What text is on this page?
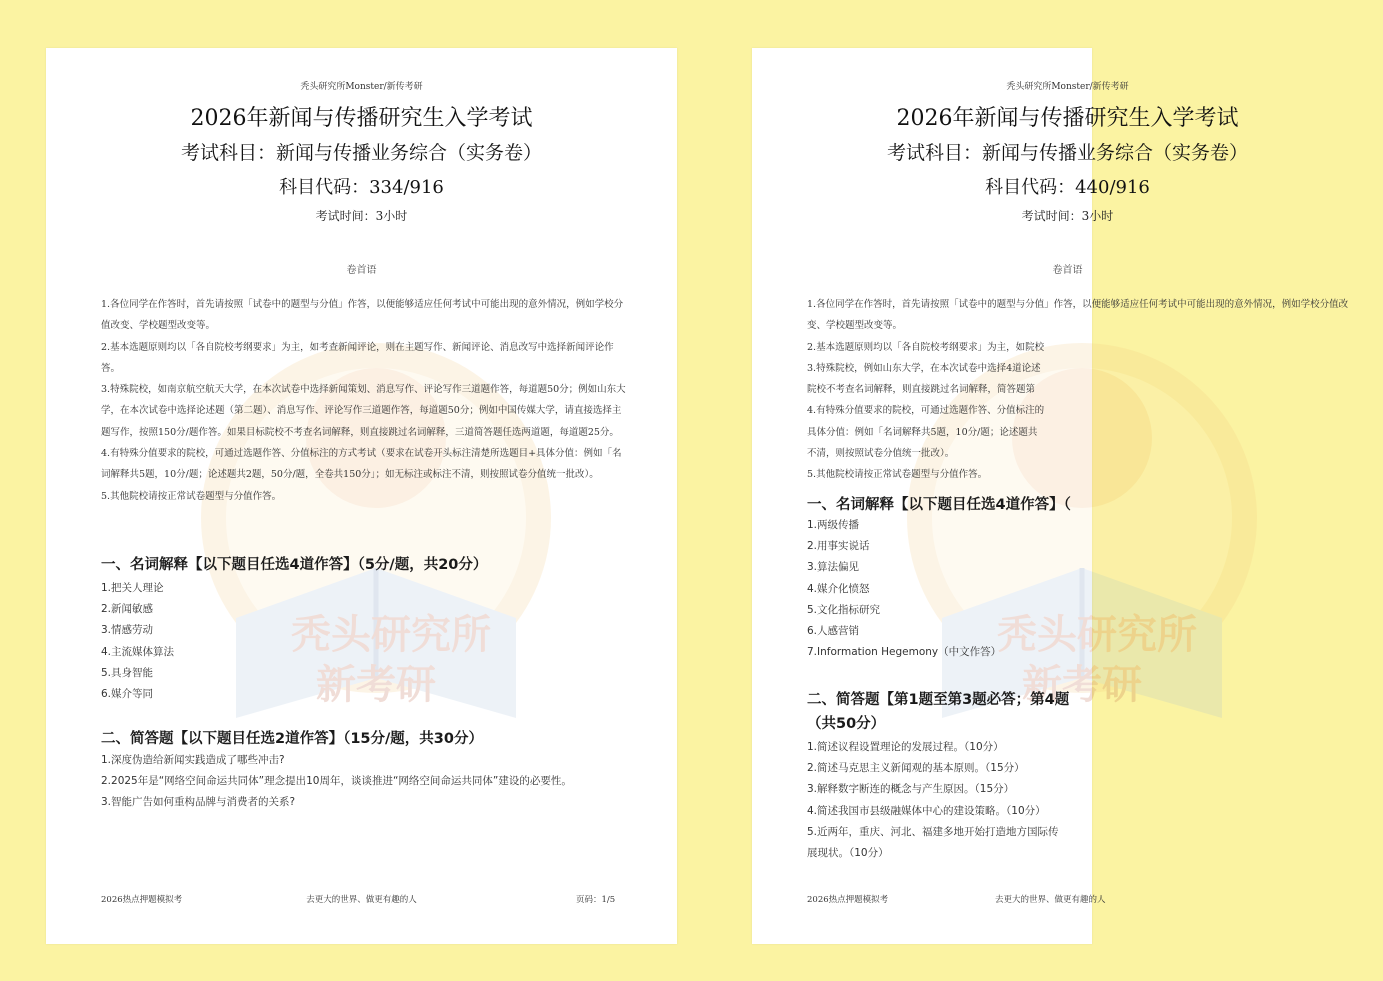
秃头研究所
新考研
秃头研究所Monster/新传考研
2026年新闻与传播研究生入学考试
考试科目：新闻与传播业务综合（实务卷）
科目代码：334/916
考试时间：3小时
卷首语

1.各位同学在作答时，首先请按照「试卷中的题型与分值」作答，以便能够适应任何考试中可能出现的意外情况，例如学校分值改变、学校题型改变等。

2.基本选题原则均以「各自院校考纲要求」为主，如考查新闻评论，则在主题写作、新闻评论、消息改写中选择新闻评论作答。

3.特殊院校，如南京航空航天大学，在本次试卷中选择新闻策划、消息写作、评论写作三道题作答，每道题50分；例如山东大学，在本次试卷中选择论述题（第二题）、消息写作、评论写作三道题作答，每道题50分；例如中国传媒大学，请直接选择主题写作，按照150分/题作答。如果目标院校不考查名词解释，则直接跳过名词解释，三道简答题任选两道题，每道题25分。

4.有特殊分值要求的院校，可通过选题作答、分值标注的方式考试（要求在试卷开头标注清楚所选题目+具体分值：例如「名词解释共5题，10分/题；论述题共2题，50分/题，全卷共150分」；如无标注或标注不清，则按照试卷分值统一批改）。

5.其他院校请按正常试卷题型与分值作答。

一、名词解释【以下题目任选4道作答】（5分/题，共20分）
1.把关人理论
2.新闻敏感
3.情感劳动
4.主流媒体算法
5.具身智能
6.媒介等同
二、简答题【以下题目任选2道作答】（15分/题，共30分）
1.深度伪造给新闻实践造成了哪些冲击?
2.2025年是“网络空间命运共同体”理念提出10周年，谈谈推进“网络空间命运共同体”建设的必要性。
3.智能广告如何重构品牌与消费者的关系?
2026热点押题模拟考	去更大的世界、做更有趣的人	页码：1/5
秃头研究所
新考研
秃头研究所Monster/新传考研
2026年新闻与传播研究生入学考试
考试科目：新闻与传播业务综合（实务卷）
科目代码：440/916
考试时间：3小时
卷首语

1.各位同学在作答时，首先请按照「试卷中的题型与分值」作答，以便能够适应任何考试中可能出现的意外情况，例如学校分值改变、学校题型改变等。

2.基本选题原则均以「各自院校考纲要求」为主，如院校

3.特殊院校，例如山东大学，在本次试卷中选择4道论述

院校不考查名词解释，则直接跳过名词解释，简答题第

4.有特殊分值要求的院校，可通过选题作答、分值标注的

具体分值：例如「名词解释共5题，10分/题；论述题共

不清，则按照试卷分值统一批改）。

5.其他院校请按正常试卷题型与分值作答。

一、名词解释【以下题目任选4道作答】（
1.两级传播
2.用事实说话
3.算法偏见
4.媒介化愤怒
5.文化指标研究
6.人感营销
7.Information Hegemony（中文作答）
二、简答题【第1题至第3题必答；第4题
（共50分）
1.简述议程设置理论的发展过程。（10分）
2.简述马克思主义新闻观的基本原则。（15分）
3.解释数字断连的概念与产生原因。（15分）
4.简述我国市县级融媒体中心的建设策略。（10分）
5.近两年，重庆、河北、福建多地开始打造地方国际传
展现状。（10分）
2026热点押题模拟考	去更大的世界、做更有趣的人
